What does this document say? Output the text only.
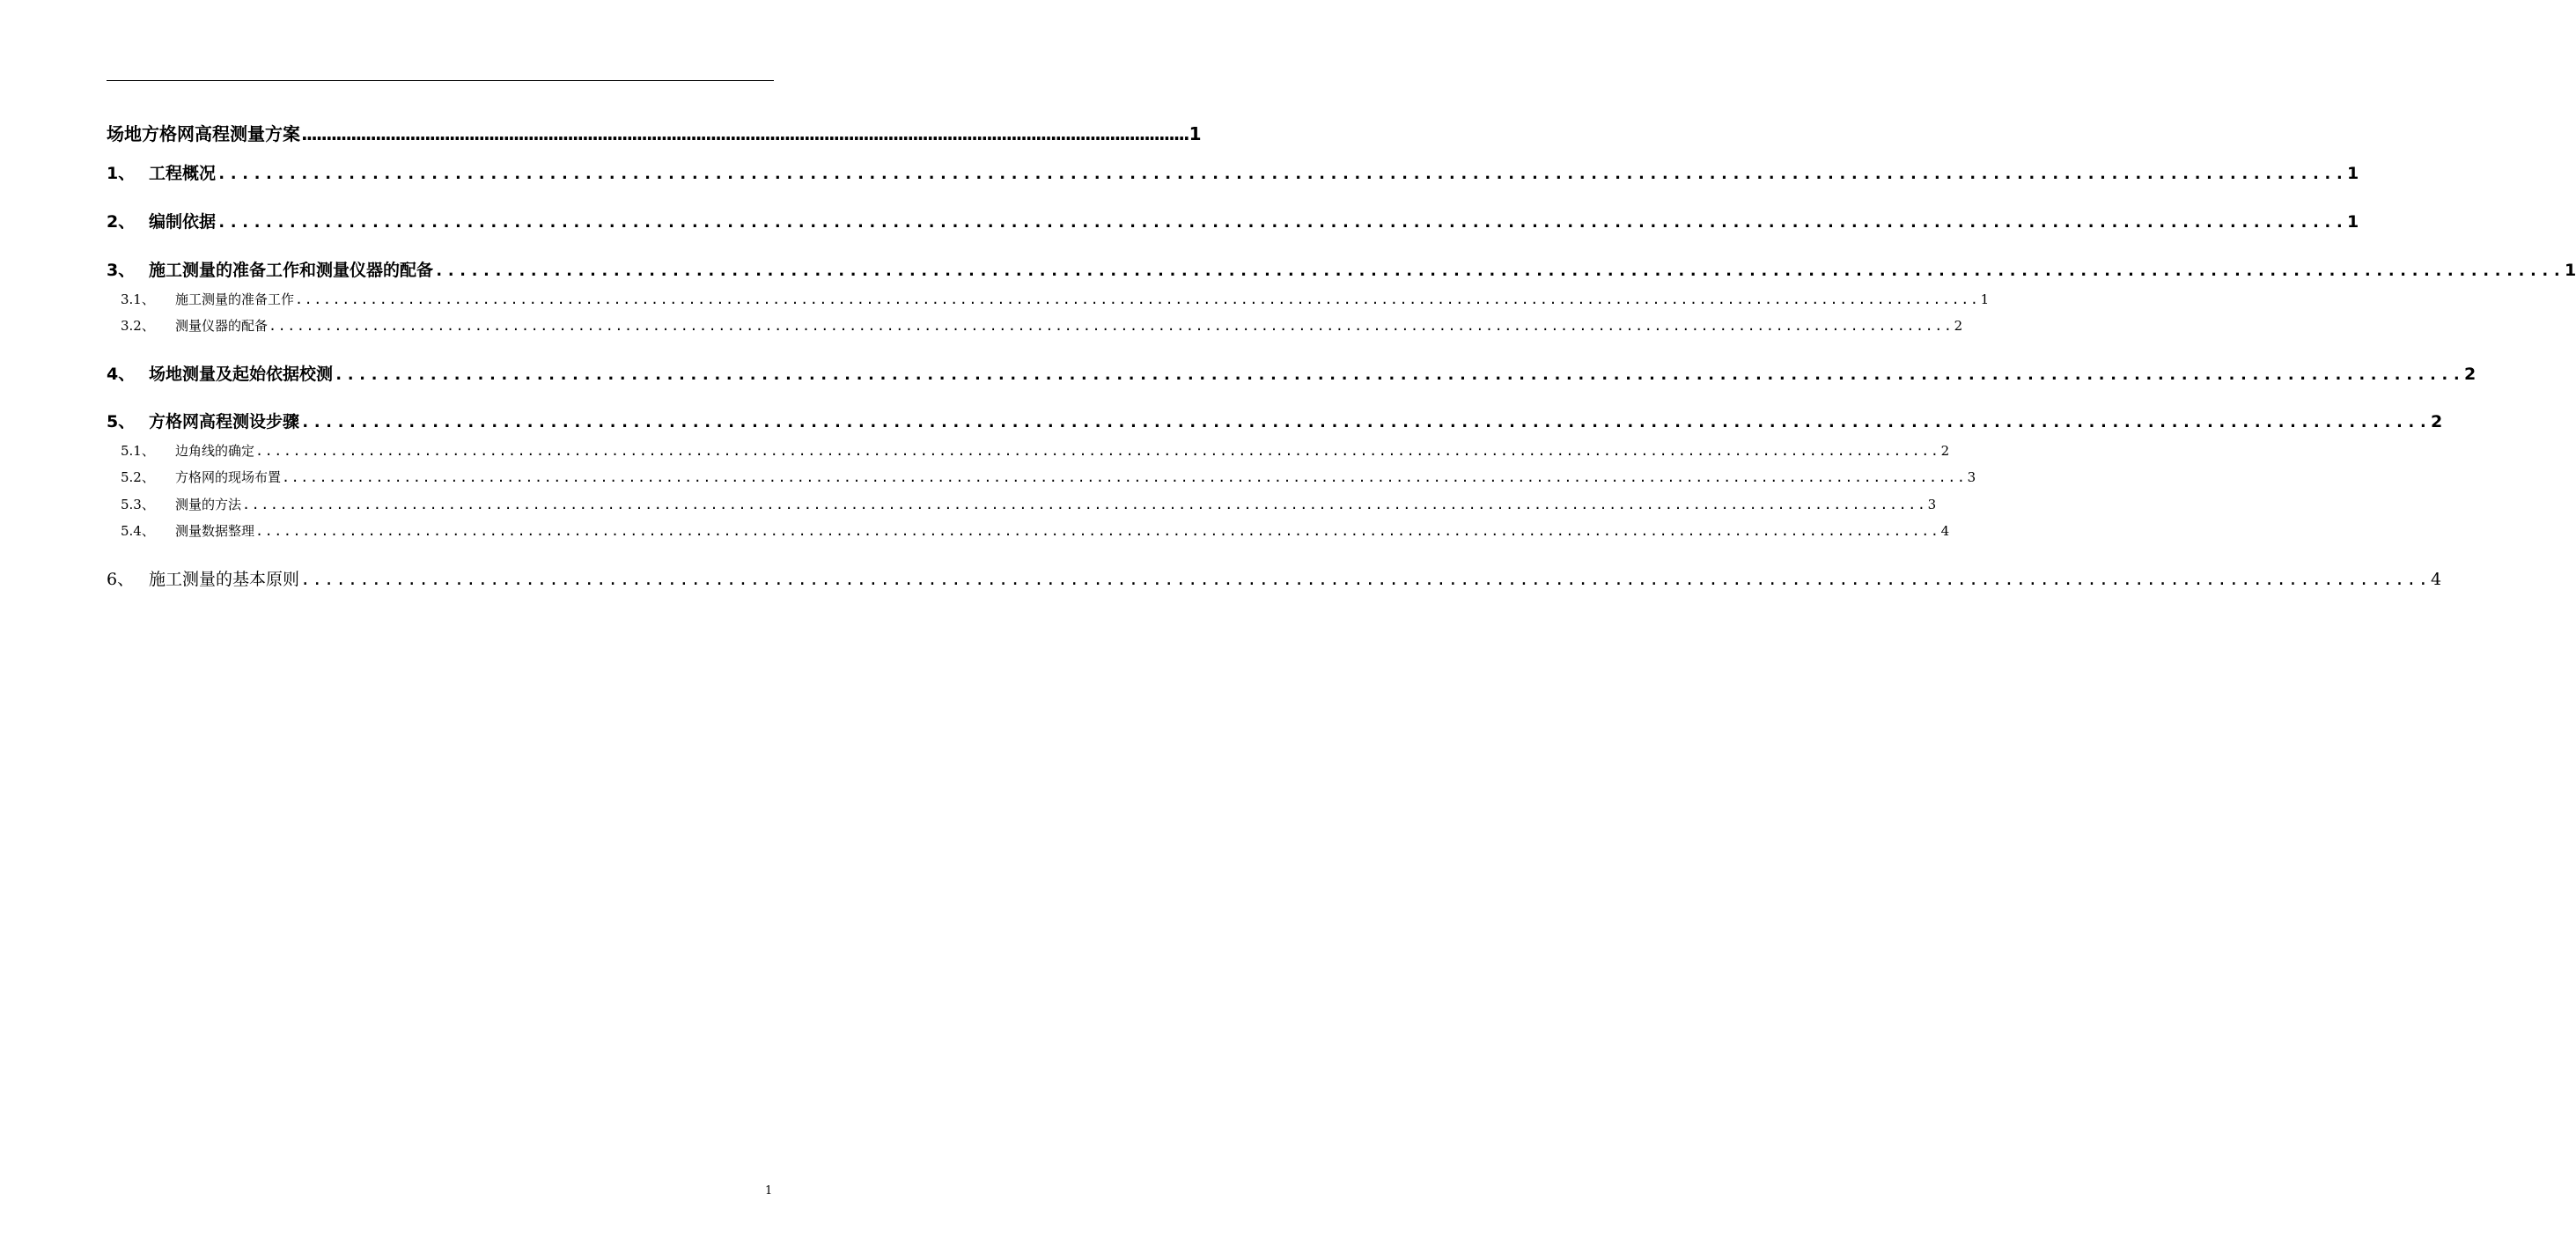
场地方格网高程测量方案 .................................................................................................................................................................................... 1
1、 工程概况 .................................................................................................................................................................................... 1
2、 编制依据 .................................................................................................................................................................................... 1
3、 施工测量的准备工作和测量仪器的配备 .................................................................................................................................................................................... 1
3.1、	施工测量的准备工作 .................................................................................................................................................................................... 1
3.2、	测量仪器的配备 .................................................................................................................................................................................... 2
4、 场地测量及起始依据校测 .................................................................................................................................................................................... 2
5、 方格网高程测设步骤 .................................................................................................................................................................................... 2
5.1、	边角线的确定 .................................................................................................................................................................................... 2
5.2、	方格网的现场布置 .................................................................................................................................................................................... 3
5.3、	测量的方法 .................................................................................................................................................................................... 3
5.4、	测量数据整理 .................................................................................................................................................................................... 4
6、 施工测量的基本原则 .................................................................................................................................................................................... 4
1
